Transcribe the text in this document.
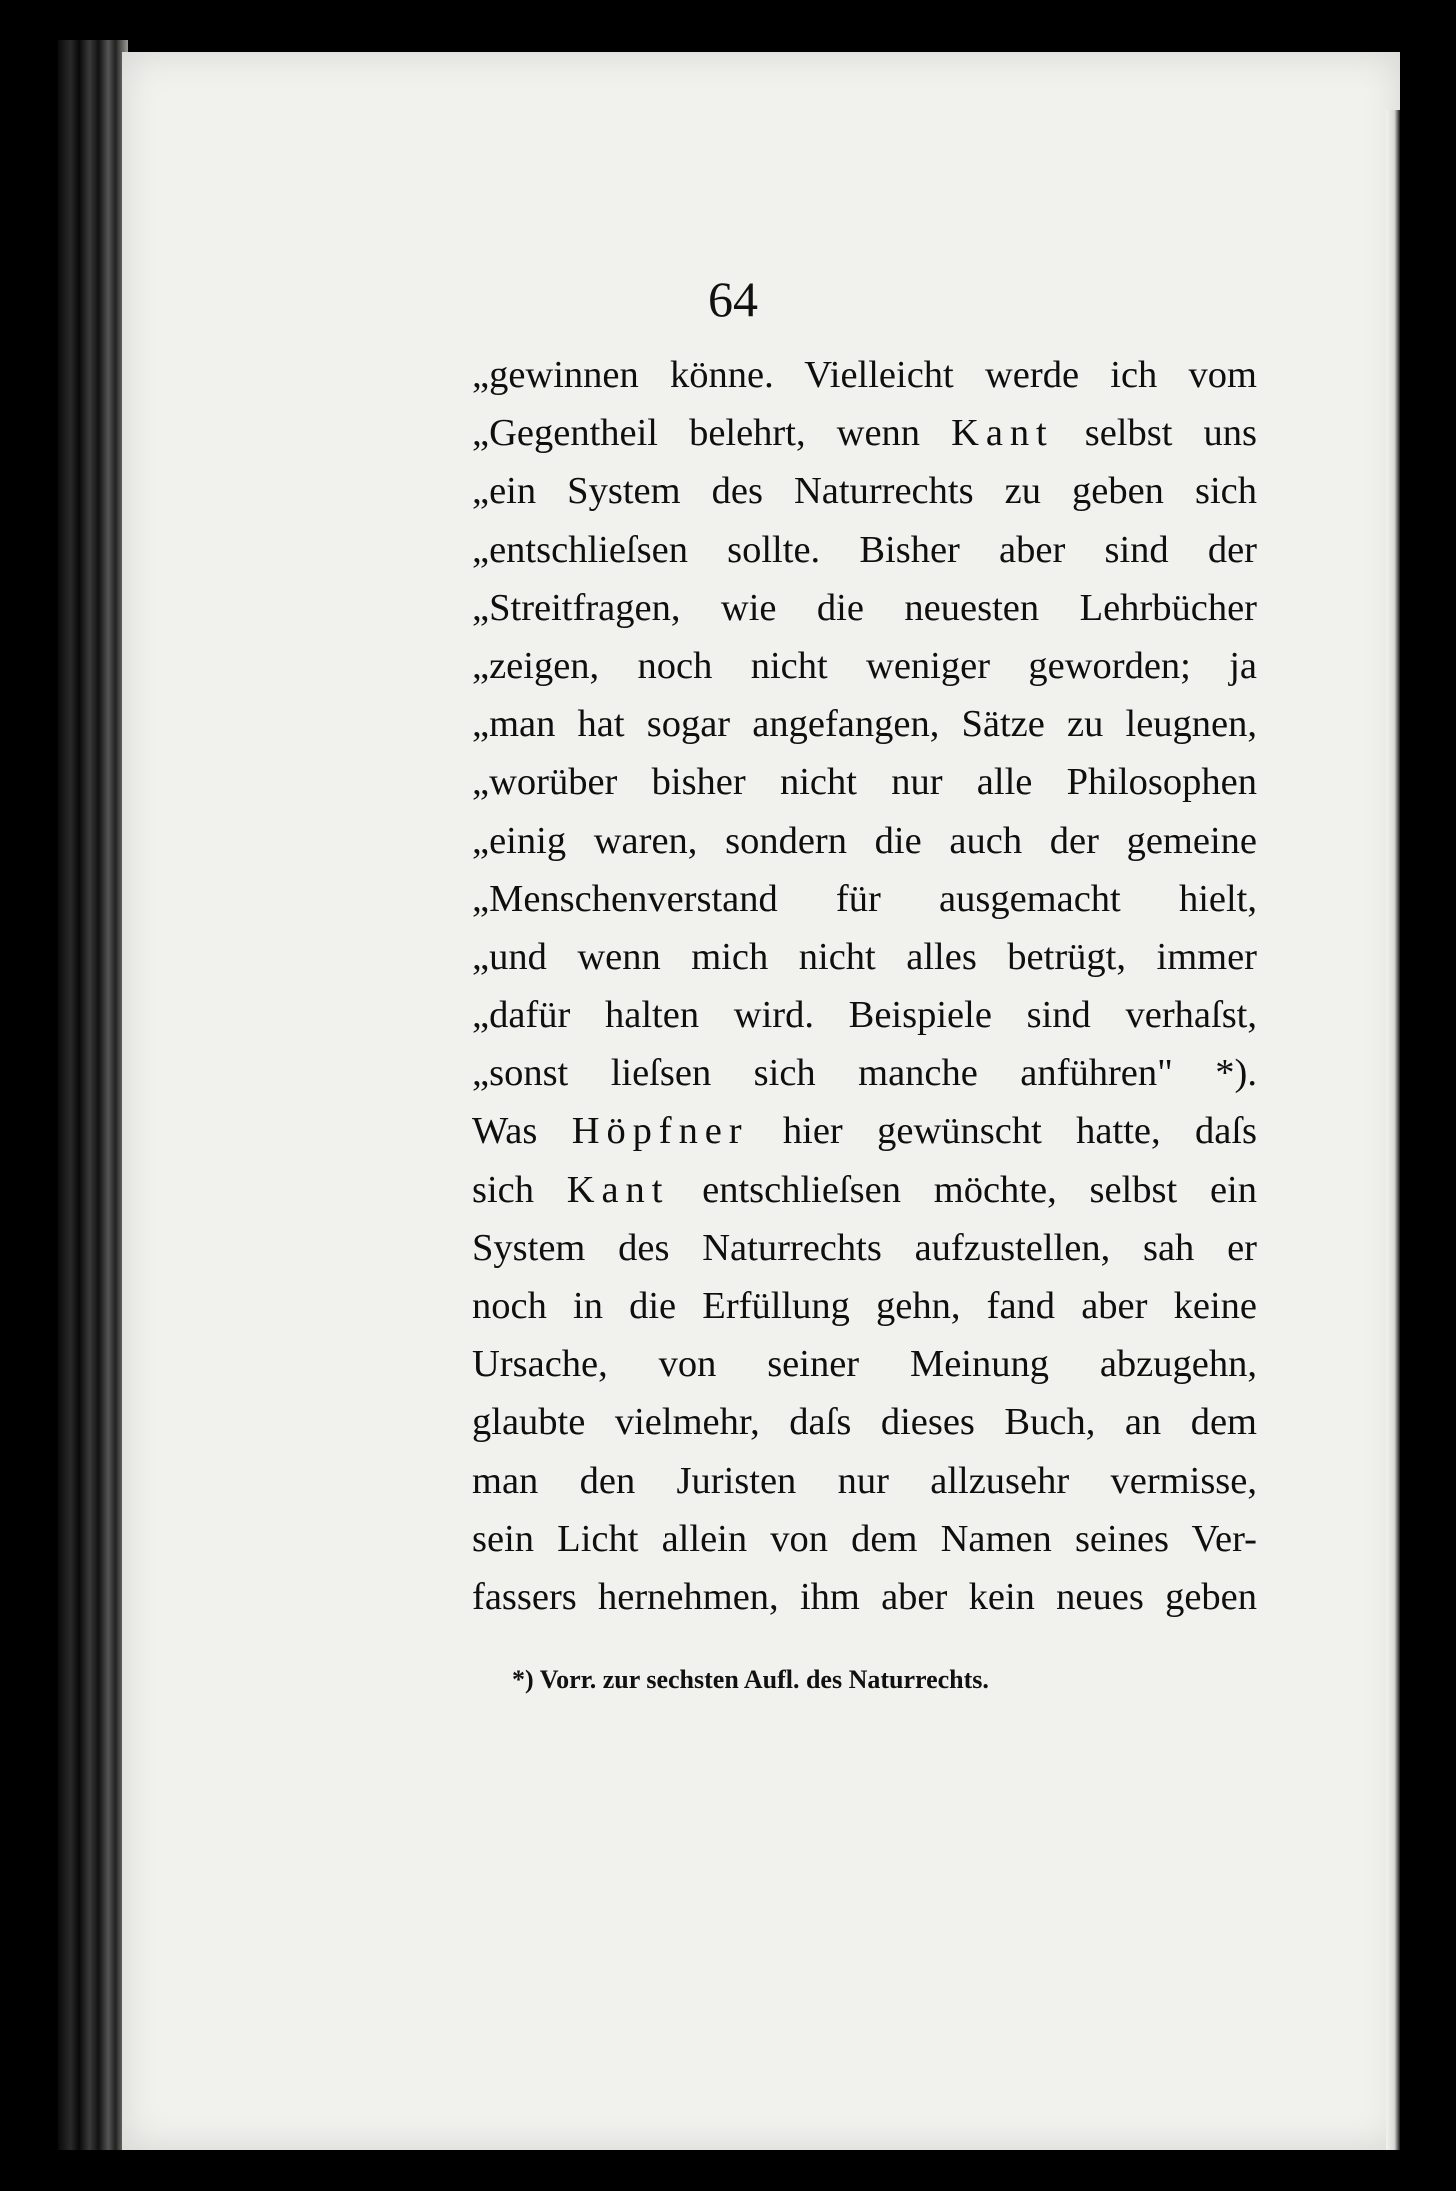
64
„gewinnen könne. Vielleicht werde ich vom
„Gegentheil belehrt, wenn Kant selbst uns
„ein System des Naturrechts zu geben sich
„entschlieſsen sollte. Bisher aber sind der
„Streitfragen, wie die neuesten Lehrbücher
„zeigen, noch nicht weniger geworden; ja
„man hat sogar angefangen, Sätze zu leugnen,
„worüber bisher nicht nur alle Philosophen
„einig waren, sondern die auch der gemeine
„Menschenverstand für ausgemacht hielt,
„und wenn mich nicht alles betrügt, immer
„dafür halten wird. Beispiele sind verhaſst,
„sonst lieſsen sich manche anführen" *).
Was Höpfner hier gewünscht hatte, daſs
sich Kant entschlieſsen möchte, selbst ein
System des Naturrechts aufzustellen, sah er
noch in die Erfüllung gehn, fand aber keine
Ursache, von seiner Meinung abzugehn,
glaubte vielmehr, daſs dieses Buch, an dem
man den Juristen nur allzusehr vermisse,
sein Licht allein von dem Namen seines Ver-
fassers hernehmen, ihm aber kein neues geben
*) Vorr. zur sechsten Aufl. des Naturrechts.
